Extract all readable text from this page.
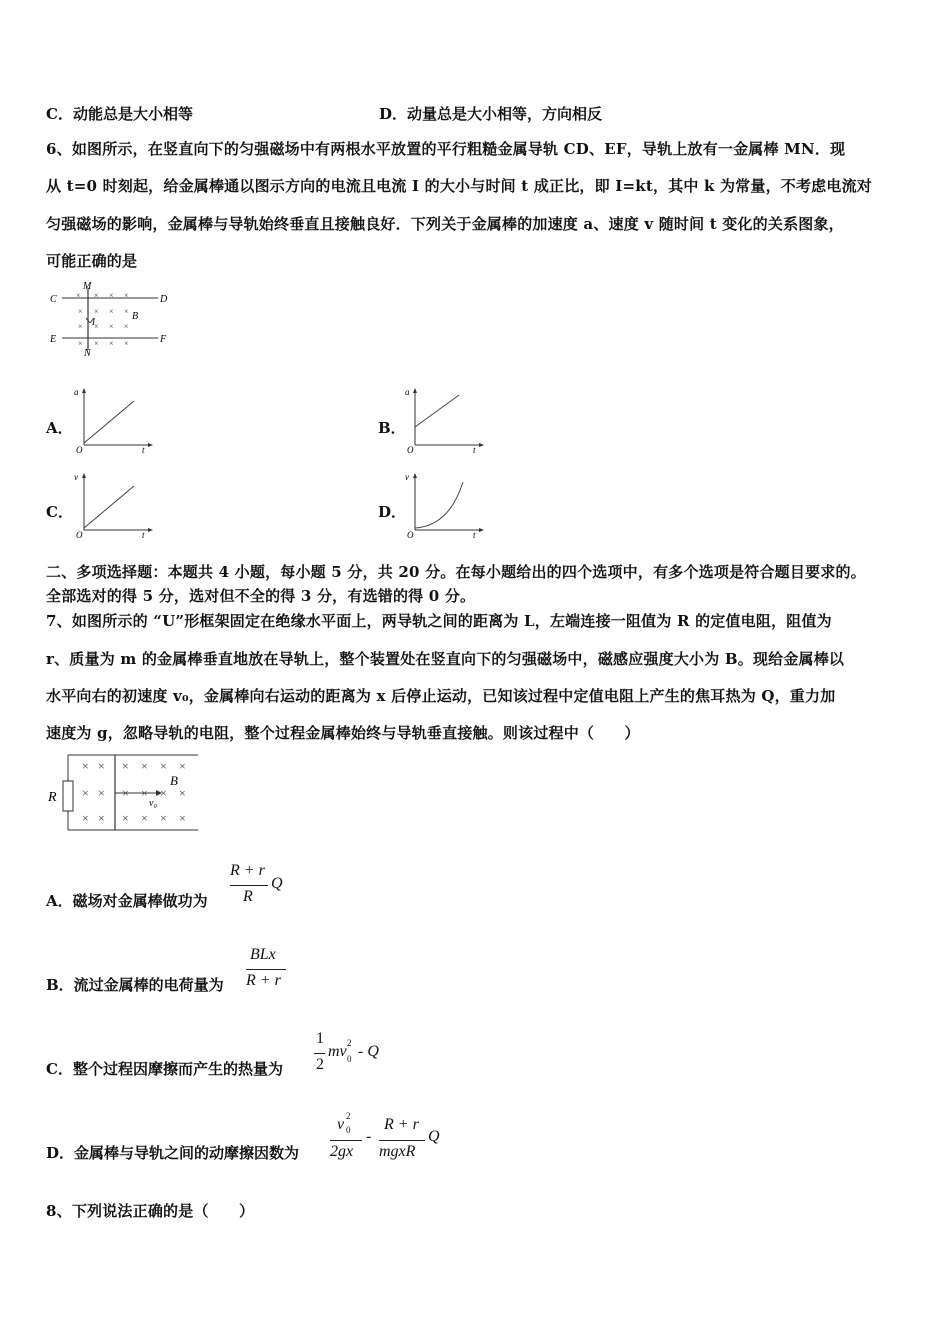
C．动能总是大小相等	D．动量总是大小相等，方向相反
6、如图所示，在竖直向下的匀强磁场中有两根水平放置的平行粗糙金属导轨 CD、EF，导轨上放有一金属棒 MN．现
从 t=0 时刻起，给金属棒通以图示方向的电流且电流 I 的大小与时间 t 成正比，即 I=kt，其中 k 为常量，不考虑电流对
匀强磁场的影响，金属棒与导轨始终垂直且接触良好．下列关于金属棒的加速度 a、速度 v 随时间 t 变化的关系图象，
可能正确的是
C	D
E	F
M
N
I	B
× × × ×
× × × ×
× × × ×
× × × ×
A．
a
t
O
B．
a
t
O
C．
v
t
O
D．
v
t
O
二、多项选择题：本题共 4 小题，每小题 5 分，共 20 分。在每小题给出的四个选项中，有多个选项是符合题目要求的。
全部选对的得 5 分，选对但不全的得 3 分，有选错的得 0 分。
7、如图所示的 “U”形框架固定在绝缘水平面上，两导轨之间的距离为 L，左端连接一阻值为 R 的定值电阻，阻值为
r、质量为 m 的金属棒垂直地放在导轨上，整个装置处在竖直向下的匀强磁场中，磁感应强度大小为 B。现给金属棒以
水平向右的初速度 v₀，金属棒向右运动的距离为 x 后停止运动，已知该过程中定值电阻上产生的焦耳热为 Q，重力加
速度为 g，忽略导轨的电阻，整个过程金属棒始终与导轨垂直接触。则该过程中（　　）
R
B
v₀
× × × × × ×
× × × × × ×
× × × × × ×
A．磁场对金属棒做功为
R + r
R
Q
B．流过金属棒的电荷量为
BLx
R + r
C．整个过程因摩擦而产生的热量为
1
2
mv 2
0 - Q
D．金属棒与导轨之间的动摩擦因数为
v 2
0
2gx
-
R + r
mgxR
Q
8、下列说法正确的是（　　）
